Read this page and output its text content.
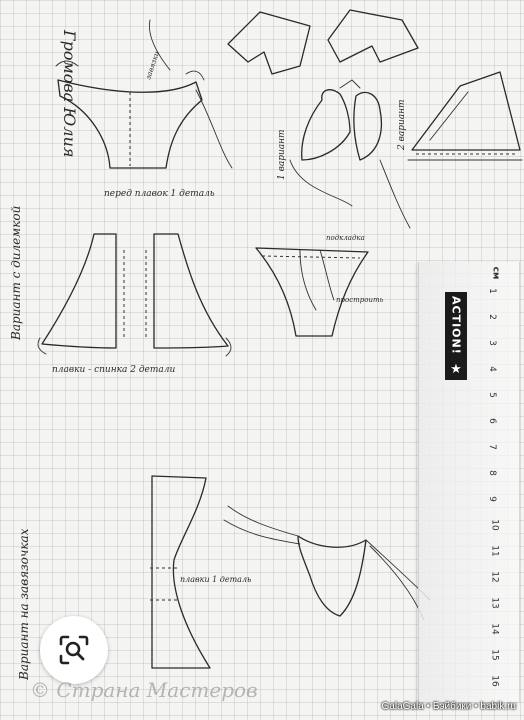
Вариант с дилемкой
Громова Юлия
Вариант на завязочках
перед плавок 1 деталь
завязки
1 вариант
2 вариант
плавки - спинка 2 детали
подкладка
простроить
плавки 1 деталь
ACTION!
★
см
1
2
3
4
5
6
7
8
9
10
11
12
13
14
15
16
© Страна Мастеров
GalaGala • Бэйбики • babik.ru
